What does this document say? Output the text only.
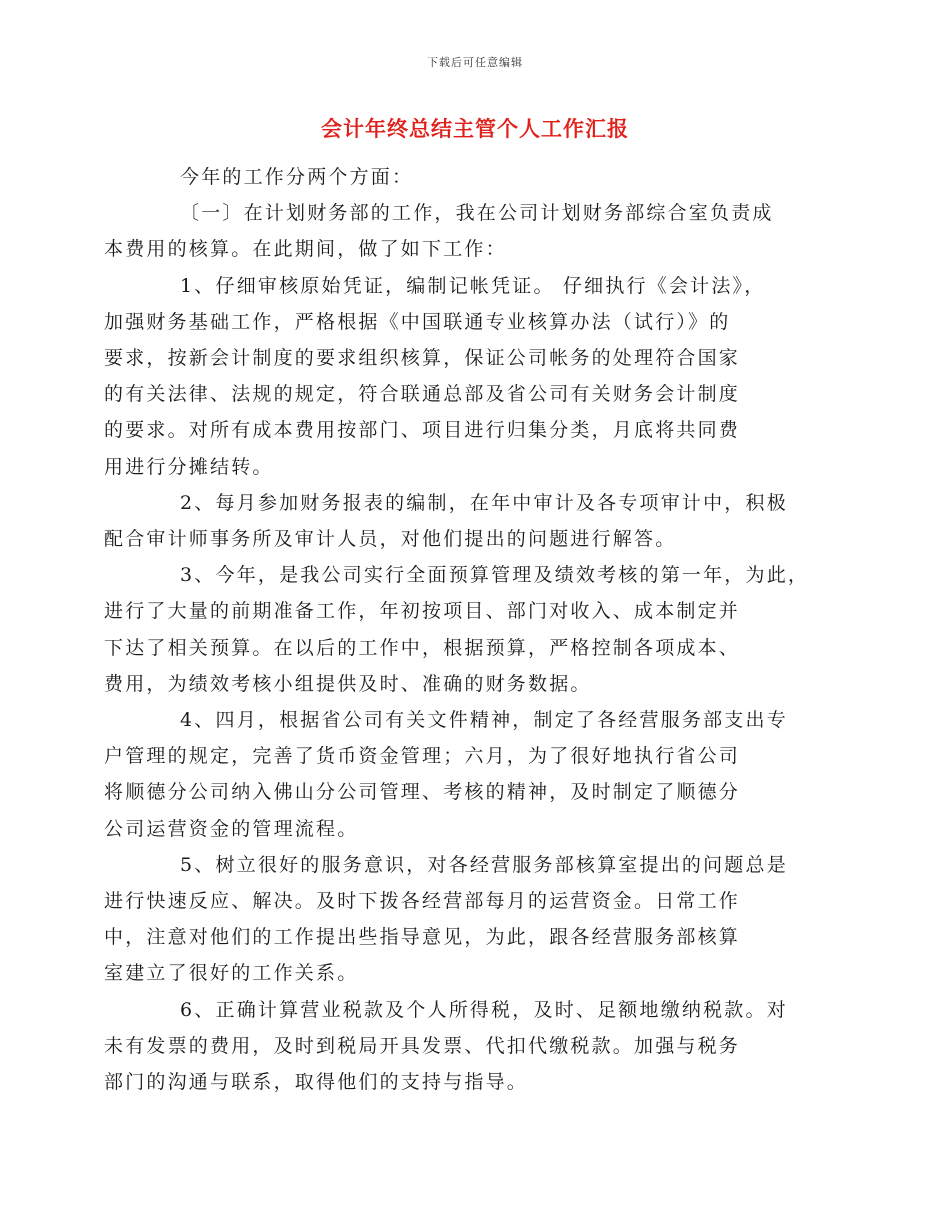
下载后可任意编辑
会计年终总结主管个人工作汇报

今年的工作分两个方面：

〔一〕在计划财务部的工作，我在公司计划财务部综合室负责成
本费用的核算。在此期间，做了如下工作：

1、仔细审核原始凭证，编制记帐凭证。 仔细执行《会计法》，
加强财务基础工作，严格根据《中国联通专业核算办法（试行）》的
要求，按新会计制度的要求组织核算，保证公司帐务的处理符合国家
的有关法律、法规的规定，符合联通总部及省公司有关财务会计制度
的要求。对所有成本费用按部门、项目进行归集分类，月底将共同费
用进行分摊结转。

2、每月参加财务报表的编制，在年中审计及各专项审计中，积极
配合审计师事务所及审计人员，对他们提出的问题进行解答。

3、今年，是我公司实行全面预算管理及绩效考核的第一年，为此，
进行了大量的前期准备工作，年初按项目、部门对收入、成本制定并
下达了相关预算。在以后的工作中，根据预算，严格控制各项成本、
费用，为绩效考核小组提供及时、准确的财务数据。

4、四月，根据省公司有关文件精神，制定了各经营服务部支出专
户管理的规定，完善了货币资金管理；六月，为了很好地执行省公司
将顺德分公司纳入佛山分公司管理、考核的精神，及时制定了顺德分
公司运营资金的管理流程。

5、树立很好的服务意识，对各经营服务部核算室提出的问题总是
进行快速反应、解决。及时下拨各经营部每月的运营资金。日常工作
中，注意对他们的工作提出些指导意见，为此，跟各经营服务部核算
室建立了很好的工作关系。

6、正确计算营业税款及个人所得税，及时、足额地缴纳税款。对
未有发票的费用，及时到税局开具发票、代扣代缴税款。加强与税务
部门的沟通与联系，取得他们的支持与指导。
